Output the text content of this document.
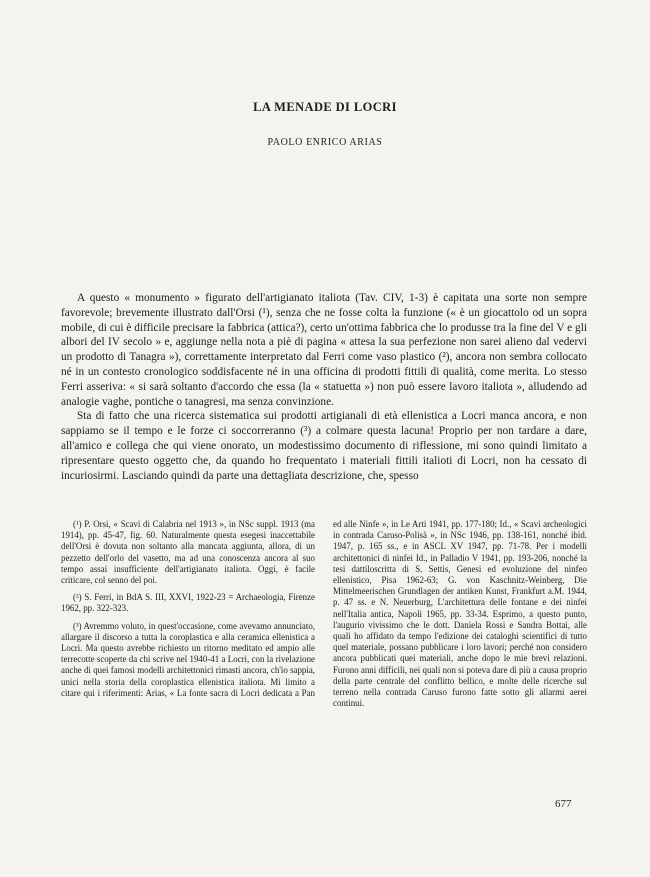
LA MENADE DI LOCRI
PAOLO ENRICO ARIAS

A questo « monumento » figurato dell'artigianato italiota (Tav. CIV, 1-3) è capitata una sorte non sempre favorevole; brevemente illustrato dall'Orsi (¹), senza che ne fosse colta la funzione (« è un giocattolo od un sopra mobile, di cui è difficile precisare la fabbrica (attica?), certo un'ottima fabbrica che lo produsse tra la fine del V e gli albori del IV secolo » e, aggiunge nella nota a piè di pagina « attesa la sua perfezione non sarei alieno dal vedervi un prodotto di Tanagra »), correttamente interpretato dal Ferri come vaso plastico (²), ancora non sembra collocato né in un contesto cronologico soddisfacente né in una officina di prodotti fittili di qualità, come merita. Lo stesso Ferri asseriva: « si sarà soltanto d'accordo che essa (la « statuetta ») non può essere lavoro italiota », alludendo ad analogie vaghe, pontiche o tanagresi, ma senza convinzione.

Sta di fatto che una ricerca sistematica sui prodotti artigianali di età ellenistica a Locri manca ancora, e non sappiamo se il tempo e le forze ci soccorreranno (³) a colmare questa lacuna! Proprio per non tardare a dare, all'amico e collega che qui viene onorato, un modestissimo documento di riflessione, mi sono quindi limitato a ripresentare questo oggetto che, da quando ho frequentato i materiali fittili italioti di Locri, non ha cessato di incuriosirmi. Lasciando quindi da parte una dettagliata descrizione, che, spesso

(¹) P. Orsi, « Scavi di Calabria nel 1913 », in NSc suppl. 1913 (ma 1914), pp. 45-47, fig. 60. Naturalmente questa esegesi inaccettabile dell'Orsi è dovuta non soltanto alla mancata aggiunta, allora, di un pezzetto dell'orlo del vasetto, ma ad una conoscenza ancora al suo tempo assai insufficiente dell'artigianato italiota. Oggi, è facile criticare, col senno del poi.

(²) S. Ferri, in BdA S. III, XXVI, 1922-23 = Archaeologia, Firenze 1962, pp. 322-323.

(³) Avremmo voluto, in quest'occasione, come avevamo annunciato, allargare il discorso a tutta la coroplastica e alla ceramica ellenistica a Locri. Ma questo avrebbe richiesto un ritorno meditato ed ampio alle terrecotte scoperte da chi scrive nel 1940-41 a Locri, con la rivelazione anche di quei famosi modelli architettonici rimasti ancora, ch'io sappia, unici nella storia della coroplastica ellenistica italiota. Mi limito a citare qui i riferimenti: Arias, « La fonte sacra di Locri dedicata a Pan ed alle Ninfe », in Le Arti 1941, pp. 177-180; Id., « Scavi archeologici in contrada Caruso-Polisà », in NSc 1946, pp. 138-161, nonché ibid. 1947, p. 165 ss., e in ASCL XV 1947, pp. 71-78. Per i modelli architettonici di ninfei Id., in Palladio V 1941, pp. 193-206, nonché la tesi dattiloscritta di S. Settis, Genesi ed evoluzione del ninfeo ellenistico, Pisa 1962-63; G. von Kaschnitz-Weinberg, Die Mittelmeerischen Grundlagen der antiken Kunst, Frankfurt a.M. 1944, p. 47 ss. e N. Neuerburg, L'architettura delle fontane e dei ninfei nell'Italia antica, Napoli 1965, pp. 33-34. Esprimo, a questo punto, l'augurio vivissimo che le dott. Daniela Rossi e Sandra Bottai, alle quali ho affidato da tempo l'edizione dei cataloghi scientifici di tutto quel materiale, possano pubblicare i loro lavori; perché non considero ancora pubblicati quei materiali, anche dopo le mie brevi relazioni. Furono anni difficili, nei quali non si poteva dare di più a causa proprio della parte centrale del conflitto bellico, e molte delle ricerche sul terreno nella contrada Caruso furono fatte sotto gli allarmi aerei continui.

677
